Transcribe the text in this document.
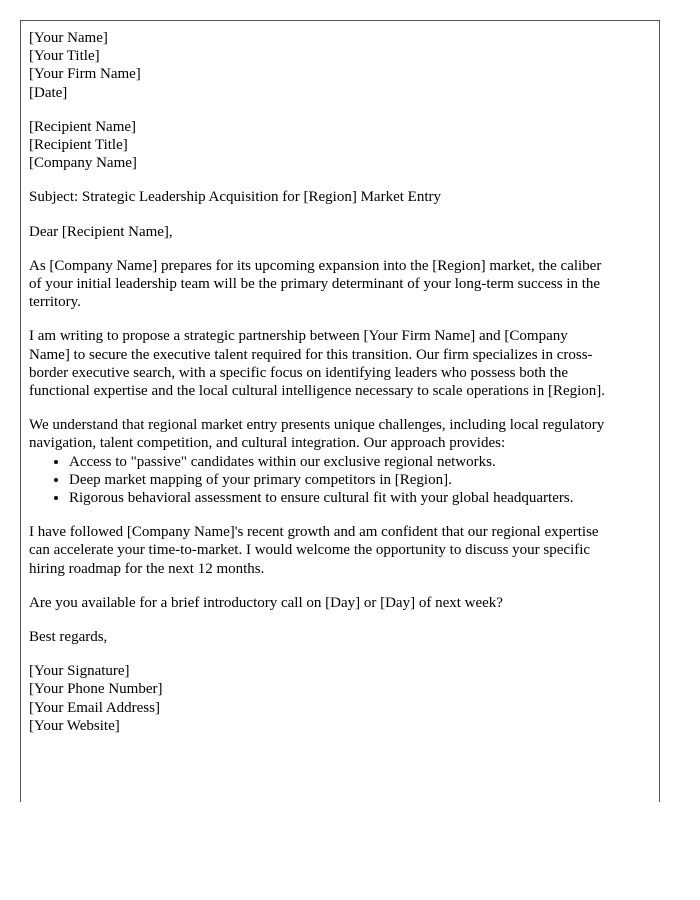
[Your Name]
[Your Title]
[Your Firm Name]
[Date]
[Recipient Name]
[Recipient Title]
[Company Name]

Subject: Strategic Leadership Acquisition for [Region] Market Entry

Dear [Recipient Name],

As [Company Name] prepares for its upcoming expansion into the [Region] market, the caliber of your initial leadership team will be the primary determinant of your long-term success in the territory.

I am writing to propose a strategic partnership between [Your Firm Name] and [Company Name] to secure the executive talent required for this transition. Our firm specializes in cross-border executive search, with a specific focus on identifying leaders who possess both the functional expertise and the local cultural intelligence necessary to scale operations in [Region].

We understand that regional market entry presents unique challenges, including local regulatory navigation, talent competition, and cultural integration. Our approach provides:

• Access to "passive" candidates within our exclusive regional networks.
• Deep market mapping of your primary competitors in [Region].
• Rigorous behavioral assessment to ensure cultural fit with your global headquarters.

I have followed [Company Name]'s recent growth and am confident that our regional expertise can accelerate your time-to-market. I would welcome the opportunity to discuss your specific hiring roadmap for the next 12 months.

Are you available for a brief introductory call on [Day] or [Day] of next week?

Best regards,

[Your Signature]
[Your Phone Number]
[Your Email Address]
[Your Website]
